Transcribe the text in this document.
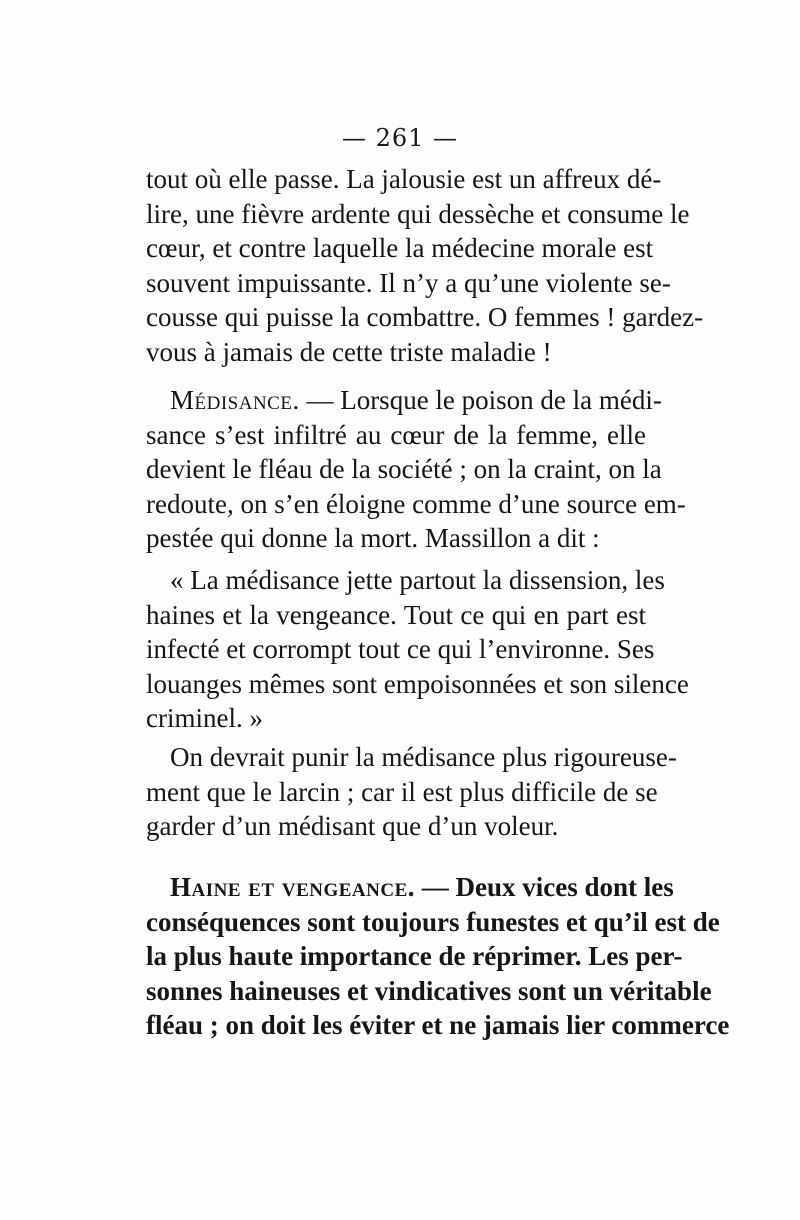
— 261 —
tout où elle passe. La jalousie est un affreux dé-
lire, une fièvre ardente qui dessèche et consume le
cœur, et contre laquelle la médecine morale est
souvent impuissante. Il n’y a qu’une violente se-
cousse qui puisse la combattre. O femmes ! gardez-
vous à jamais de cette triste maladie !
Médisance. — Lorsque le poison de la médi-
sance s’est infiltré au cœur de la femme, elle
devient le fléau de la société ; on la craint, on la
redoute, on s’en éloigne comme d’une source em-
pestée qui donne la mort. Massillon a dit :
« La médisance jette partout la dissension, les
haines et la vengeance. Tout ce qui en part est
infecté et corrompt tout ce qui l’environne. Ses
louanges mêmes sont empoisonnées et son silence
criminel. »
On devrait punir la médisance plus rigoureuse-
ment que le larcin ; car il est plus difficile de se
garder d’un médisant que d’un voleur.
Haine et vengeance. — Deux vices dont les
conséquences sont toujours funestes et qu’il est de
la plus haute importance de réprimer. Les per-
sonnes haineuses et vindicatives sont un véritable
fléau ; on doit les éviter et ne jamais lier commerce
